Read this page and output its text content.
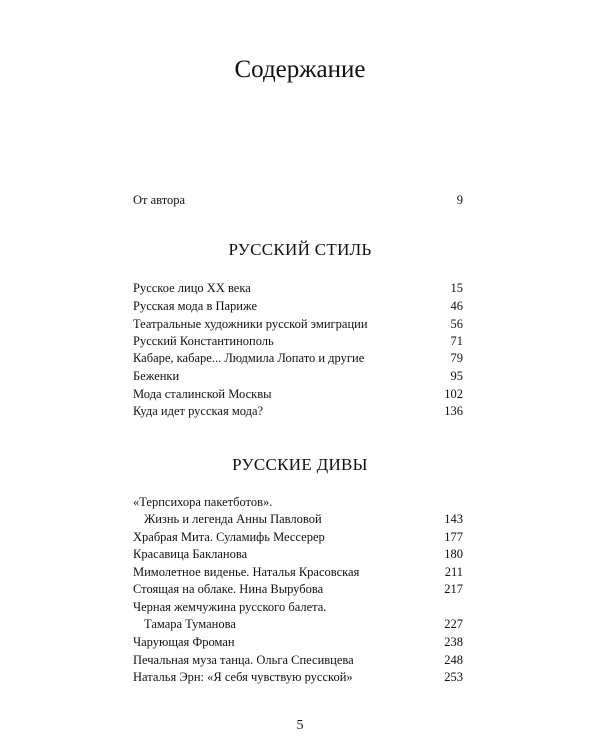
Содержание
От автора	9
РУССКИЙ СТИЛЬ
Русское лицо XX века	15
Русская мода в Париже	46
Театральные художники русской эмиграции	56
Русский Константинополь	71
Кабаре, кабаре... Людмила Лопато и другие	79
Беженки	95
Мода сталинской Москвы	102
Куда идет русская мода?	136
РУССКИЕ ДИВЫ
«Терпсихора пакетботов».
Жизнь и легенда Анны Павловой	143
Храбрая Мита. Суламифь Мессерер	177
Красавица Бакланова	180
Мимолетное виденье. Наталья Красовская	211
Стоящая на облаке. Нина Вырубова	217
Черная жемчужина русского балета.
Тамара Туманова	227
Чарующая Фроман	238
Печальная муза танца. Ольга Спесивцева	248
Наталья Эрн: «Я себя чувствую русской»	253
5
